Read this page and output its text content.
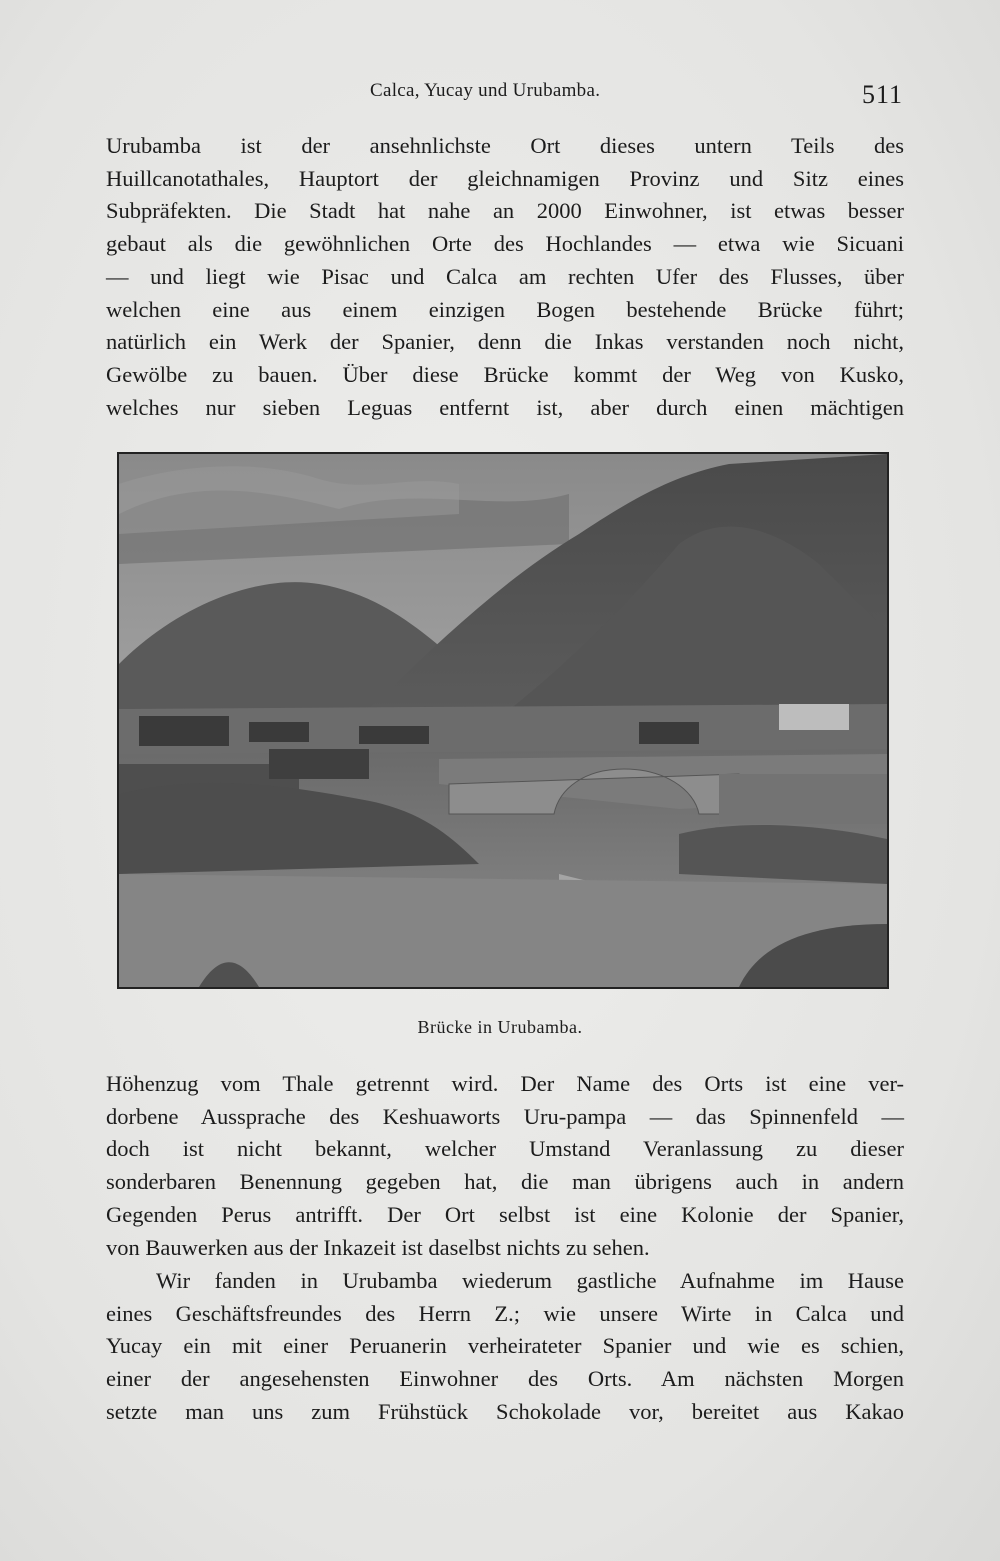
Calca, Yucay und Urubamba.	511

Urubamba ist der ansehnlichste Ort dieses untern Teils des

Huillcanotathales, Hauptort der gleichnamigen Provinz und Sitz eines

Subpräfekten. Die Stadt hat nahe an 2000 Einwohner, ist etwas besser

gebaut als die gewöhnlichen Orte des Hochlandes — etwa wie Sicuani

— und liegt wie Pisac und Calca am rechten Ufer des Flusses, über

welchen eine aus einem einzigen Bogen bestehende Brücke führt;

natürlich ein Werk der Spanier, denn die Inkas verstanden noch nicht,

Gewölbe zu bauen. Über diese Brücke kommt der Weg von Kusko,

welches nur sieben Leguas entfernt ist, aber durch einen mächtigen

Brücke in Urubamba.

Höhenzug vom Thale getrennt wird. Der Name des Orts ist eine ver-

dorbene Aussprache des Keshuaworts Uru-pampa — das Spinnenfeld —

doch ist nicht bekannt, welcher Umstand Veranlassung zu dieser

sonderbaren Benennung gegeben hat, die man übrigens auch in andern

Gegenden Perus antrifft. Der Ort selbst ist eine Kolonie der Spanier,

von Bauwerken aus der Inkazeit ist daselbst nichts zu sehen.

Wir fanden in Urubamba wiederum gastliche Aufnahme im Hause

eines Geschäftsfreundes des Herrn Z.; wie unsere Wirte in Calca und

Yucay ein mit einer Peruanerin verheirateter Spanier und wie es schien,

einer der angesehensten Einwohner des Orts. Am nächsten Morgen

setzte man uns zum Frühstück Schokolade vor, bereitet aus Kakao
